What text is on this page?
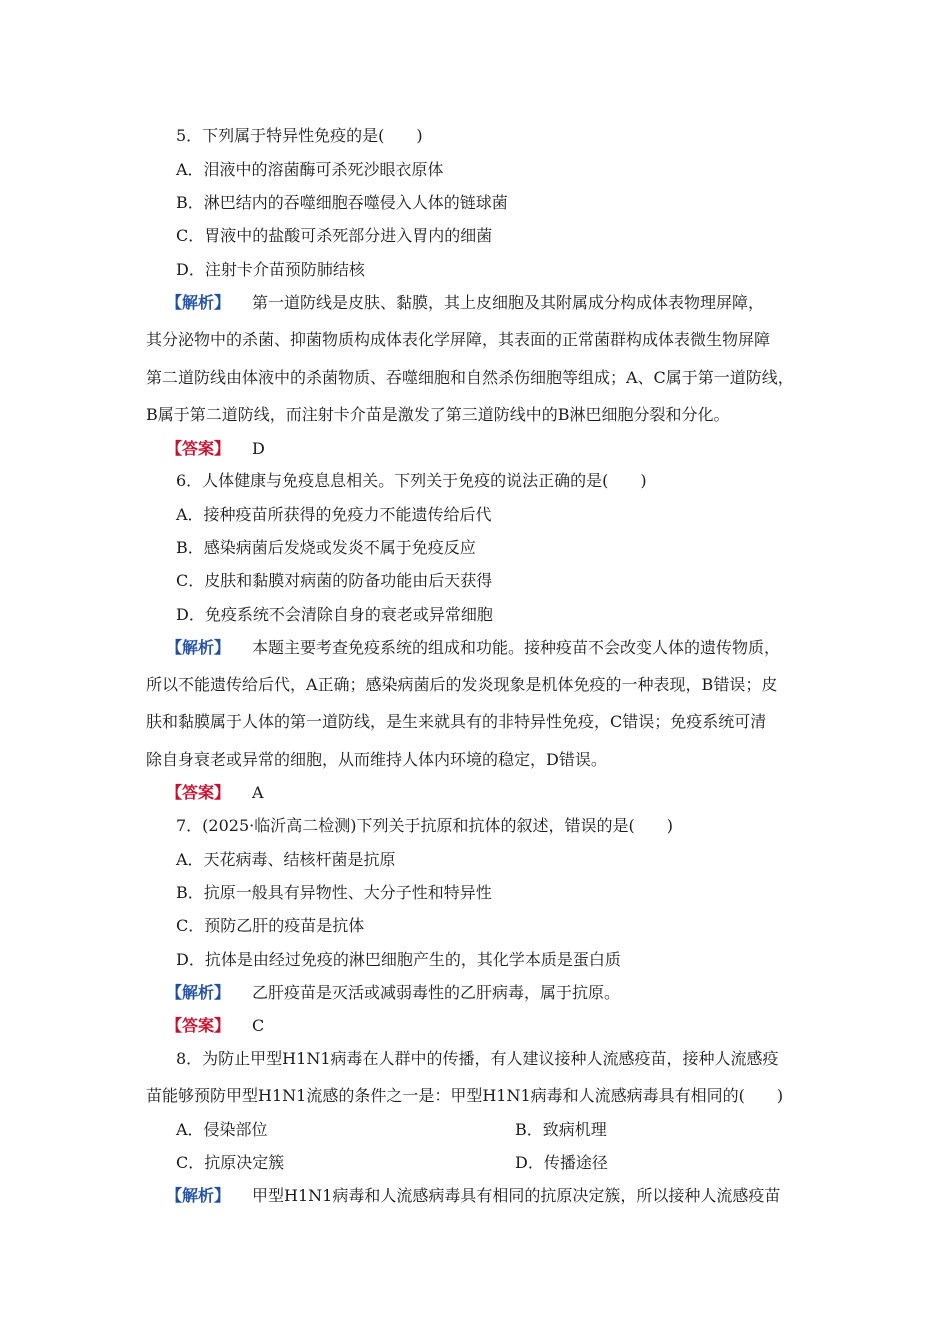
5．下列属于特异性免疫的是(　　)
A．泪液中的溶菌酶可杀死沙眼衣原体
B．淋巴结内的吞噬细胞吞噬侵入人体的链球菌
C．胃液中的盐酸可杀死部分进入胃内的细菌
D．注射卡介苗预防肺结核
【解析】 第一道防线是皮肤、黏膜，其上皮细胞及其附属成分构成体表物理屏障，
其分泌物中的杀菌、抑菌物质构成体表化学屏障，其表面的正常菌群构成体表微生物屏障
第二道防线由体液中的杀菌物质、吞噬细胞和自然杀伤细胞等组成；A、C属于第一道防线，
B属于第二道防线，而注射卡介苗是激发了第三道防线中的B淋巴细胞分裂和分化。
【答案】 D
6．人体健康与免疫息息相关。下列关于免疫的说法正确的是(　　)
A．接种疫苗所获得的免疫力不能遗传给后代
B．感染病菌后发烧或发炎不属于免疫反应
C．皮肤和黏膜对病菌的防备功能由后天获得
D．免疫系统不会清除自身的衰老或异常细胞
【解析】 本题主要考查免疫系统的组成和功能。接种疫苗不会改变人体的遗传物质，
所以不能遗传给后代，A正确；感染病菌后的发炎现象是机体免疫的一种表现，B错误；皮
肤和黏膜属于人体的第一道防线，是生来就具有的非特异性免疫，C错误；免疫系统可清
除自身衰老或异常的细胞，从而维持人体内环境的稳定，D错误。
【答案】 A
7．(2025·临沂高二检测)下列关于抗原和抗体的叙述，错误的是(　　)
A．天花病毒、结核杆菌是抗原
B．抗原一般具有异物性、大分子性和特异性
C．预防乙肝的疫苗是抗体
D．抗体是由经过免疫的淋巴细胞产生的，其化学本质是蛋白质
【解析】 乙肝疫苗是灭活或减弱毒性的乙肝病毒，属于抗原。
【答案】 C
8．为防止甲型H1N1病毒在人群中的传播，有人建议接种人流感疫苗，接种人流感疫
苗能够预防甲型H1N1流感的条件之一是：甲型H1N1病毒和人流感病毒具有相同的(　　)
A．侵染部位	B．致病机理
C．抗原决定簇	D．传播途径
【解析】 甲型H1N1病毒和人流感病毒具有相同的抗原决定簇，所以接种人流感疫苗
